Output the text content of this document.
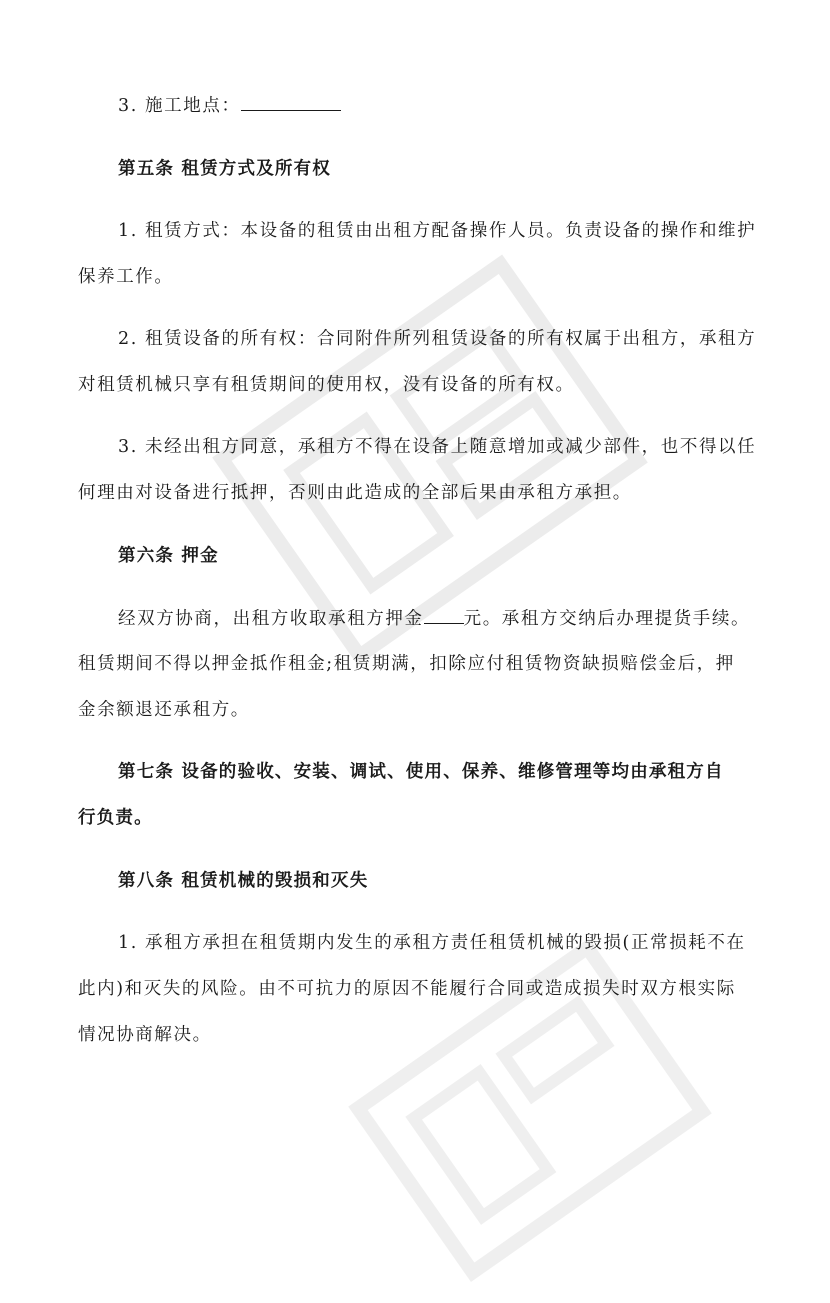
3. 施工地点：
第五条 租赁方式及所有权
1. 租赁方式：本设备的租赁由出租方配备操作人员。负责设备的操作和维护
保养工作。
2. 租赁设备的所有权：合同附件所列租赁设备的所有权属于出租方，承租方
对租赁机械只享有租赁期间的使用权，没有设备的所有权。
3. 未经出租方同意，承租方不得在设备上随意增加或减少部件，也不得以任
何理由对设备进行抵押，否则由此造成的全部后果由承租方承担。
第六条 押金
经双方协商，出租方收取承租方押金 元。承租方交纳后办理提货手续。
租赁期间不得以押金抵作租金;租赁期满，扣除应付租赁物资缺损赔偿金后，押
金余额退还承租方。
第七条 设备的验收、安装、调试、使用、保养、维修管理等均由承租方自
行负责。
第八条 租赁机械的毁损和灭失
1. 承租方承担在租赁期内发生的承租方责任租赁机械的毁损(正常损耗不在
此内)和灭失的风险。由不可抗力的原因不能履行合同或造成损失时双方根实际
情况协商解决。
